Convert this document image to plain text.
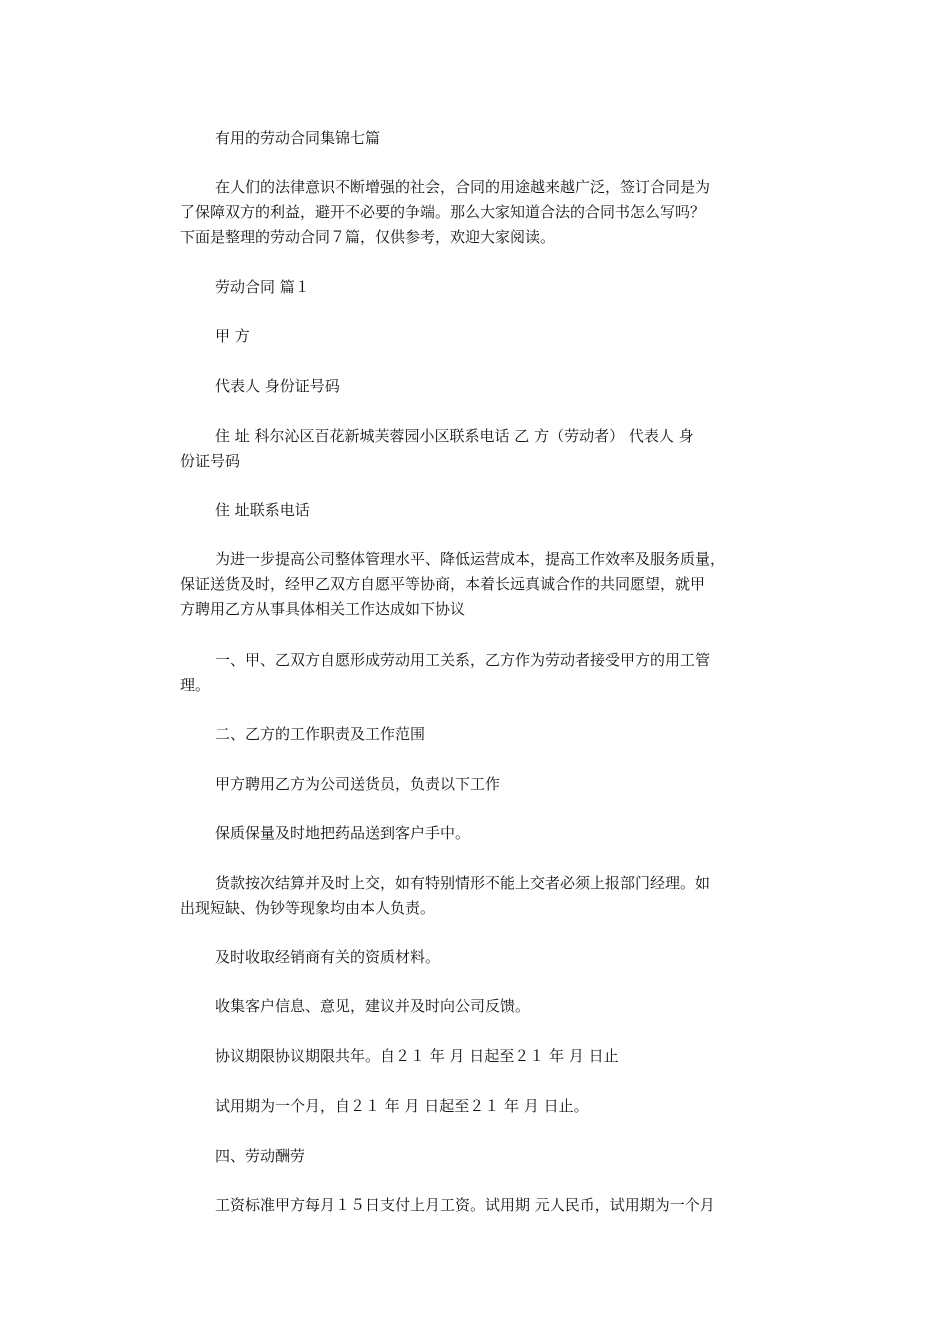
有用的劳动合同集锦七篇

在人们的法律意识不断增强的社会，合同的用途越来越广泛，签订合同是为
了保障双方的利益，避开不必要的争端。那么大家知道合法的合同书怎么写吗？
下面是整理的劳动合同７篇，仅供参考，欢迎大家阅读。

劳动合同 篇１

甲 方

代表人 身份证号码

住 址 科尔沁区百花新城芙蓉园小区联系电话 乙 方（劳动者） 代表人 身
份证号码

住 址联系电话

为进一步提高公司整体管理水平、降低运营成本，提高工作效率及服务质量，
保证送货及时，经甲乙双方自愿平等协商，本着长远真诚合作的共同愿望，就甲
方聘用乙方从事具体相关工作达成如下协议

一、甲、乙双方自愿形成劳动用工关系，乙方作为劳动者接受甲方的用工管
理。

二、乙方的工作职责及工作范围

甲方聘用乙方为公司送货员，负责以下工作

保质保量及时地把药品送到客户手中。

货款按次结算并及时上交，如有特别情形不能上交者必须上报部门经理。如
出现短缺、伪钞等现象均由本人负责。

及时收取经销商有关的资质材料。

收集客户信息、意见，建议并及时向公司反馈。

协议期限协议期限共年。自２１ 年 月 日起至２１ 年 月 日止

试用期为一个月，自２１ 年 月 日起至２１ 年 月 日止。

四、劳动酬劳

工资标准甲方每月１５日支付上月工资。试用期 元人民币，试用期为一个月
